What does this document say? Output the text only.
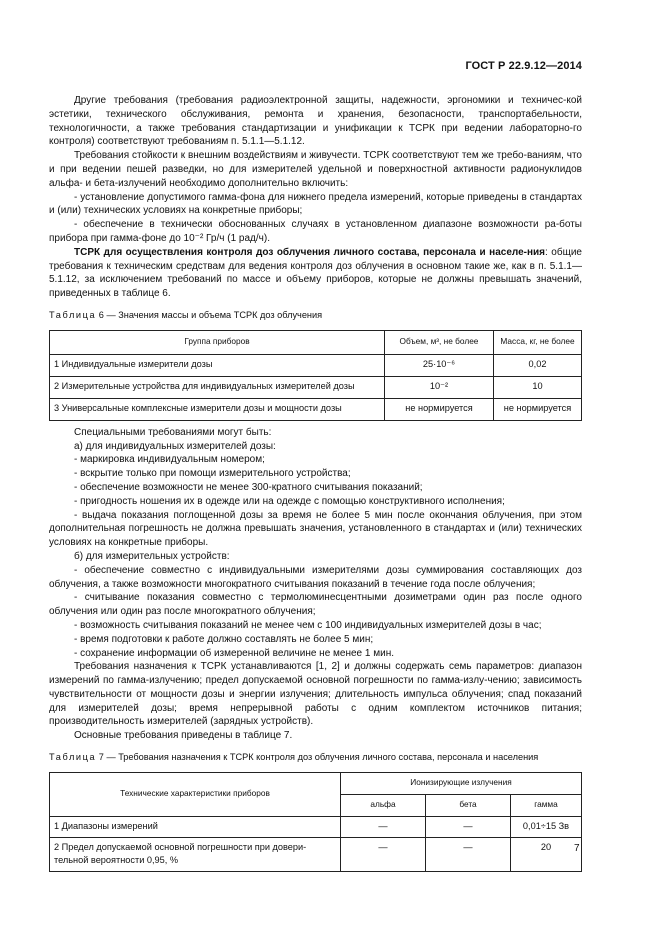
ГОСТ Р 22.9.12—2014

Другие требования (требования радиоэлектронной защиты, надежности, эргономики и техничес-кой эстетики, технического обслуживания, ремонта и хранения, безопасности, транспортабельности, технологичности, а также требования стандартизации и унификации к ТСРК при ведении лабораторно-го контроля) соответствуют требованиям п. 5.1.1—5.1.12.

Требования стойкости к внешним воздействиям и живучести. ТСРК соответствуют тем же требо-ваниям, что и при ведении пешей разведки, но для измерителей удельной и поверхностной активности радионуклидов альфа- и бета-излучений необходимо дополнительно включить:

- установление допустимого гамма-фона для нижнего предела измерений, которые приведены в стандартах и (или) технических условиях на конкретные приборы;

- обеспечение в технически обоснованных случаях в установленном диапазоне возможности ра-боты прибора при гамма-фоне до 10⁻² Гр/ч (1 рад/ч).

ТСРК для осуществления контроля доз облучения личного состава, персонала и населе-ния: общие требования к техническим средствам для ведения контроля доз облучения в основном такие же, как в п. 5.1.1—5.1.12, за исключением требований по массе и объему приборов, которые не должны превышать значений, приведенных в таблице 6.

Таблица 6 — Значения массы и объема ТСРК доз облучения
Группа приборов	Объем, м³, не более	Масса, кг, не более
1 Индивидуальные измерители дозы	25·10⁻⁶	0,02
2 Измерительные устройства для индивидуальных измерителей дозы	10⁻²	10
3 Универсальные комплексные измерители дозы и мощности дозы	не нормируется	не нормируется

Специальными требованиями могут быть:

а) для индивидуальных измерителей дозы:

- маркировка индивидуальным номером;

- вскрытие только при помощи измерительного устройства;

- обеспечение возможности не менее 300-кратного считывания показаний;

- пригодность ношения их в одежде или на одежде с помощью конструктивного исполнения;

- выдача показания поглощенной дозы за время не более 5 мин после окончания облучения, при этом дополнительная погрешность не должна превышать значения, установленного в стандартах и (или) технических условиях на конкретные приборы.

б) для измерительных устройств:

- обеспечение совместно с индивидуальными измерителями дозы суммирования составляющих доз облучения, а также возможности многократного считывания показаний в течение года после облучения;

- считывание показания совместно с термолюминесцентными дозиметрами один раз после одного облучения или один раз после многократного облучения;

- возможность считывания показаний не менее чем с 100 индивидуальных измерителей дозы в час;

- время подготовки к работе должно составлять не более 5 мин;

- сохранение информации об измеренной величине не менее 1 мин.

Требования назначения к ТСРК устанавливаются [1, 2] и должны содержать семь параметров: диапазон измерений по гамма-излучению; предел допускаемой основной погрешности по гамма-излу-чению; зависимость чувствительности от мощности дозы и энергии излучения; длительность импульса облучения; спад показаний для измерителей дозы; время непрерывной работы с одним комплектом источников питания; производительность измерителей (зарядных устройств).

Основные требования приведены в таблице 7.

Таблица 7 — Требования назначения к ТСРК контроля доз облучения личного состава, персонала и населения
Технические характеристики приборов	Ионизирующие излучения		
	альфа	бета	гамма
1 Диапазоны измерений	—	—	0,01÷15 Зв
2 Предел допускаемой основной погрешности при довери-тельной вероятности 0,95, %	—	—	20 7
